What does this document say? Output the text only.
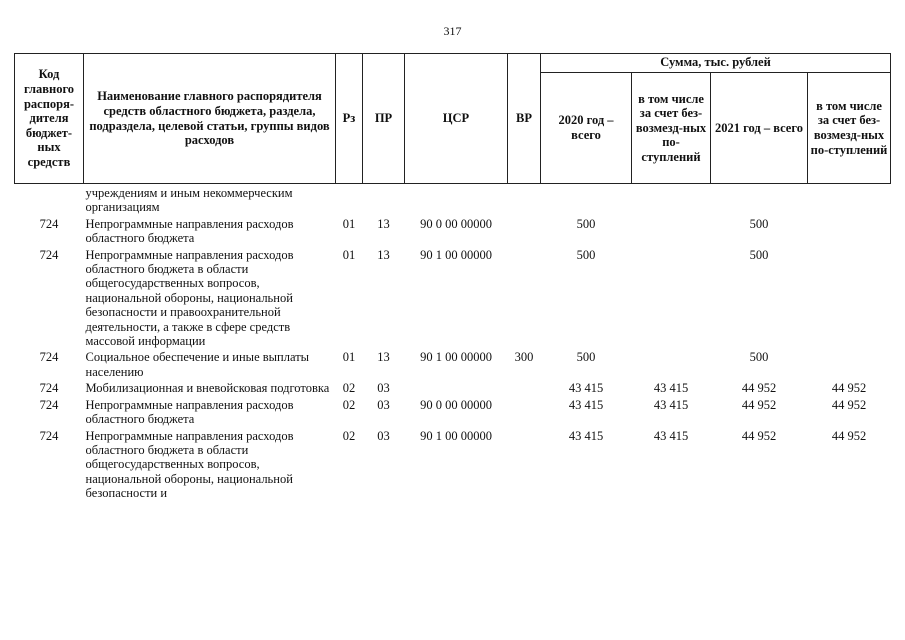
317
Код главного распоря-дителя бюджет-ных средств	Наименование главного распорядителя средств областного бюджета, раздела, подраздела, целевой статьи, группы видов расходов	Рз	ПР	ЦСР	ВР	Сумма, тыс. рублей			
						2020 год – всего	в том числе за счет без-возмезд-ных по-ступлений	2021 год – всего	в том числе за счет без-возмезд-ных по-ступлений
	учреждениям и иным некоммерческим организациям								
724	Непрограммные направления расходов областного бюджета	01	13	90 0 00 00000		500		500	
724	Непрограммные направления расходов областного бюджета в области общегосударственных вопросов, национальной обороны, национальной безопасности и правоохранительной деятельности, а также в сфере средств массовой информации	01	13	90 1 00 00000		500		500	
724	Социальное обеспечение и иные выплаты населению	01	13	90 1 00 00000	300	500		500	
724	Мобилизационная и вневойсковая подготовка	02	03			43 415	43 415	44 952	44 952
724	Непрограммные направления расходов областного бюджета	02	03	90 0 00 00000		43 415	43 415	44 952	44 952
724	Непрограммные направления расходов областного бюджета в области общегосударственных вопросов, национальной обороны, национальной безопасности и	02	03	90 1 00 00000		43 415	43 415	44 952	44 952
